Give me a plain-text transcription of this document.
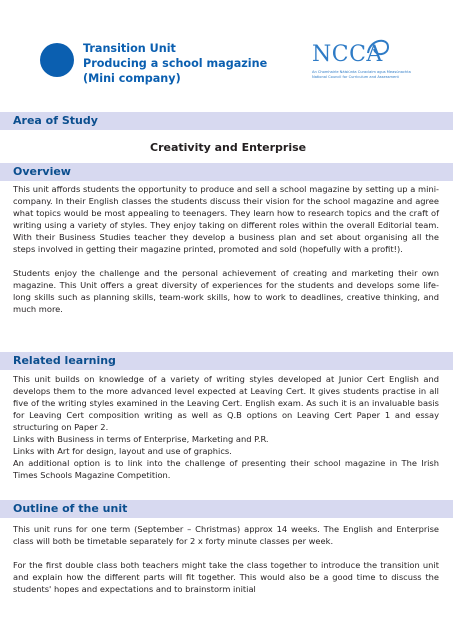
Transition Unit
Producing a school magazine
(Mini company)
NCCA
An Chomhairle Náisiúnta Curaclaim agus Measúnachta
National Council for Curriculum and Assessment
Area of Study
Creativity and Enterprise
Overview

This unit affords students the opportunity to produce and sell a school magazine by setting up a mini-company. In their English classes the students discuss their vision for the school magazine and agree what topics would be most appealing to teenagers. They learn how to research topics and the craft of writing using a variety of styles. They enjoy taking on different roles within the overall Editorial team. With their Business Studies teacher they develop a business plan and set about organising all the steps involved in getting their magazine printed, promoted and sold (hopefully with a profit!).

Students enjoy the challenge and the personal achievement of creating and marketing their own magazine. This Unit offers a great diversity of experiences for the students and develops some life-long skills such as planning skills, team-work skills, how to work to deadlines, creative thinking, and much more.

Related learning

This unit builds on knowledge of a variety of writing styles developed at Junior Cert English and develops them to the more advanced level expected at Leaving Cert. It gives students practise in all five of the writing styles examined in the Leaving Cert. English exam. As such it is an invaluable basis for Leaving Cert composition writing as well as Q.B options on Leaving Cert Paper 1 and essay structuring on Paper 2.

Links with Business in terms of Enterprise, Marketing and P.R.

Links with Art for design, layout and use of graphics.

An additional option is to link into the challenge of presenting their school magazine in The Irish Times Schools Magazine Competition.

Outline of the unit

This unit runs for one term (September – Christmas) approx 14 weeks. The English and Enterprise class will both be timetable separately for 2 x forty minute classes per week.

For the first double class both teachers might take the class together to introduce the transition unit and explain how the different parts will fit together. This would also be a good time to discuss the students' hopes and expectations and to brainstorm initial
